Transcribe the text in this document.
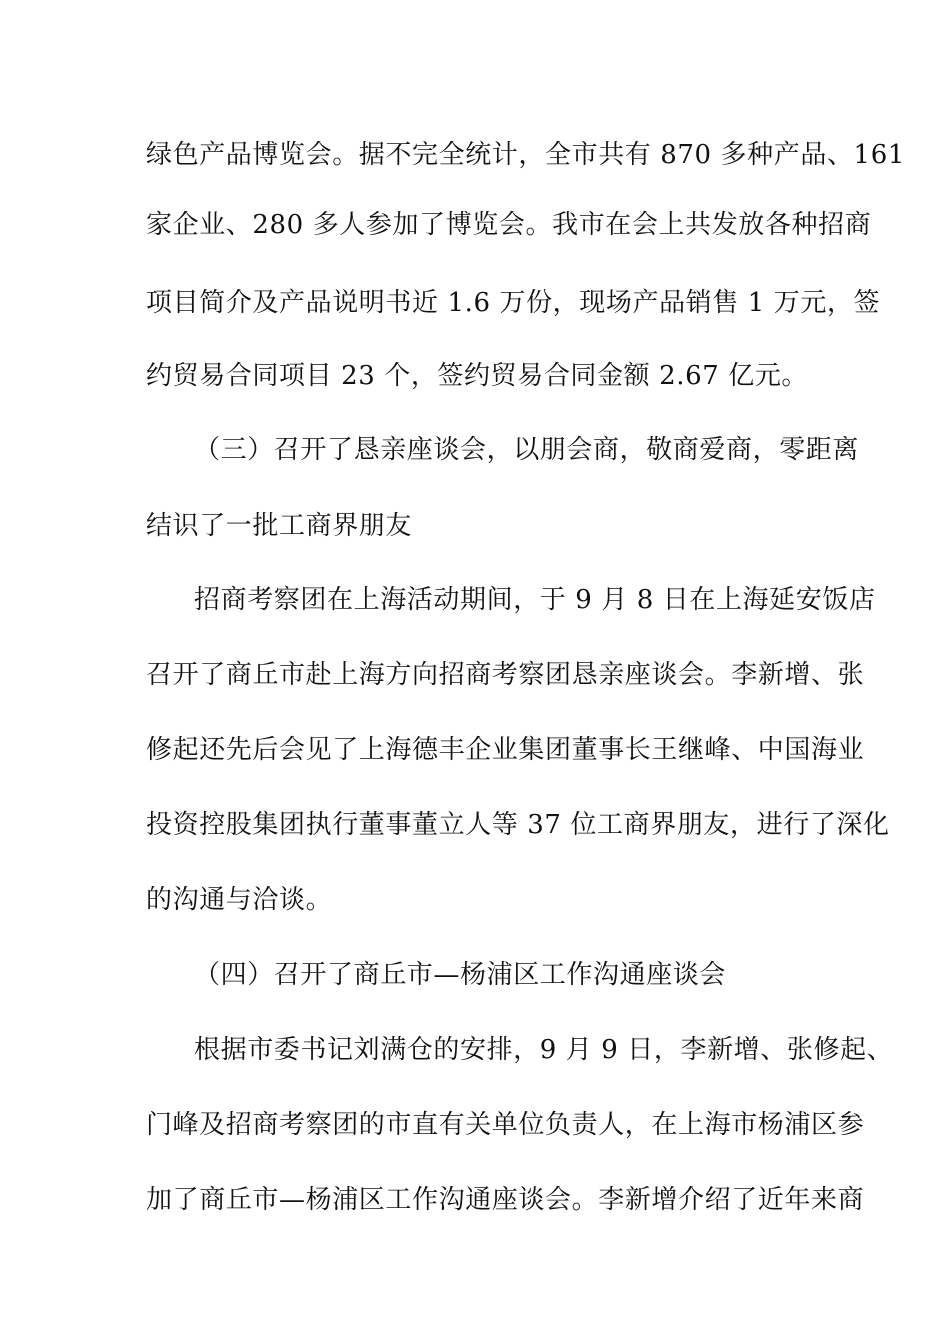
绿色产品博览会。据不完全统计，全市共有 870 多种产品、161
家企业、280 多人参加了博览会。我市在会上共发放各种招商
项目简介及产品说明书近 1.6 万份，现场产品销售 1 万元，签
约贸易合同项目 23 个，签约贸易合同金额 2.67 亿元。
（三）召开了恳亲座谈会，以朋会商，敬商爱商，零距离
结识了一批工商界朋友
招商考察团在上海活动期间，于 9 月 8 日在上海延安饭店
召开了商丘市赴上海方向招商考察团恳亲座谈会。李新增、张
修起还先后会见了上海德丰企业集团董事长王继峰、中国海业
投资控股集团执行董事董立人等 37 位工商界朋友，进行了深化
的沟通与洽谈。
（四）召开了商丘市—杨浦区工作沟通座谈会
根据市委书记刘满仓的安排，9 月 9 日，李新增、张修起、
门峰及招商考察团的市直有关单位负责人，在上海市杨浦区参
加了商丘市—杨浦区工作沟通座谈会。李新增介绍了近年来商
